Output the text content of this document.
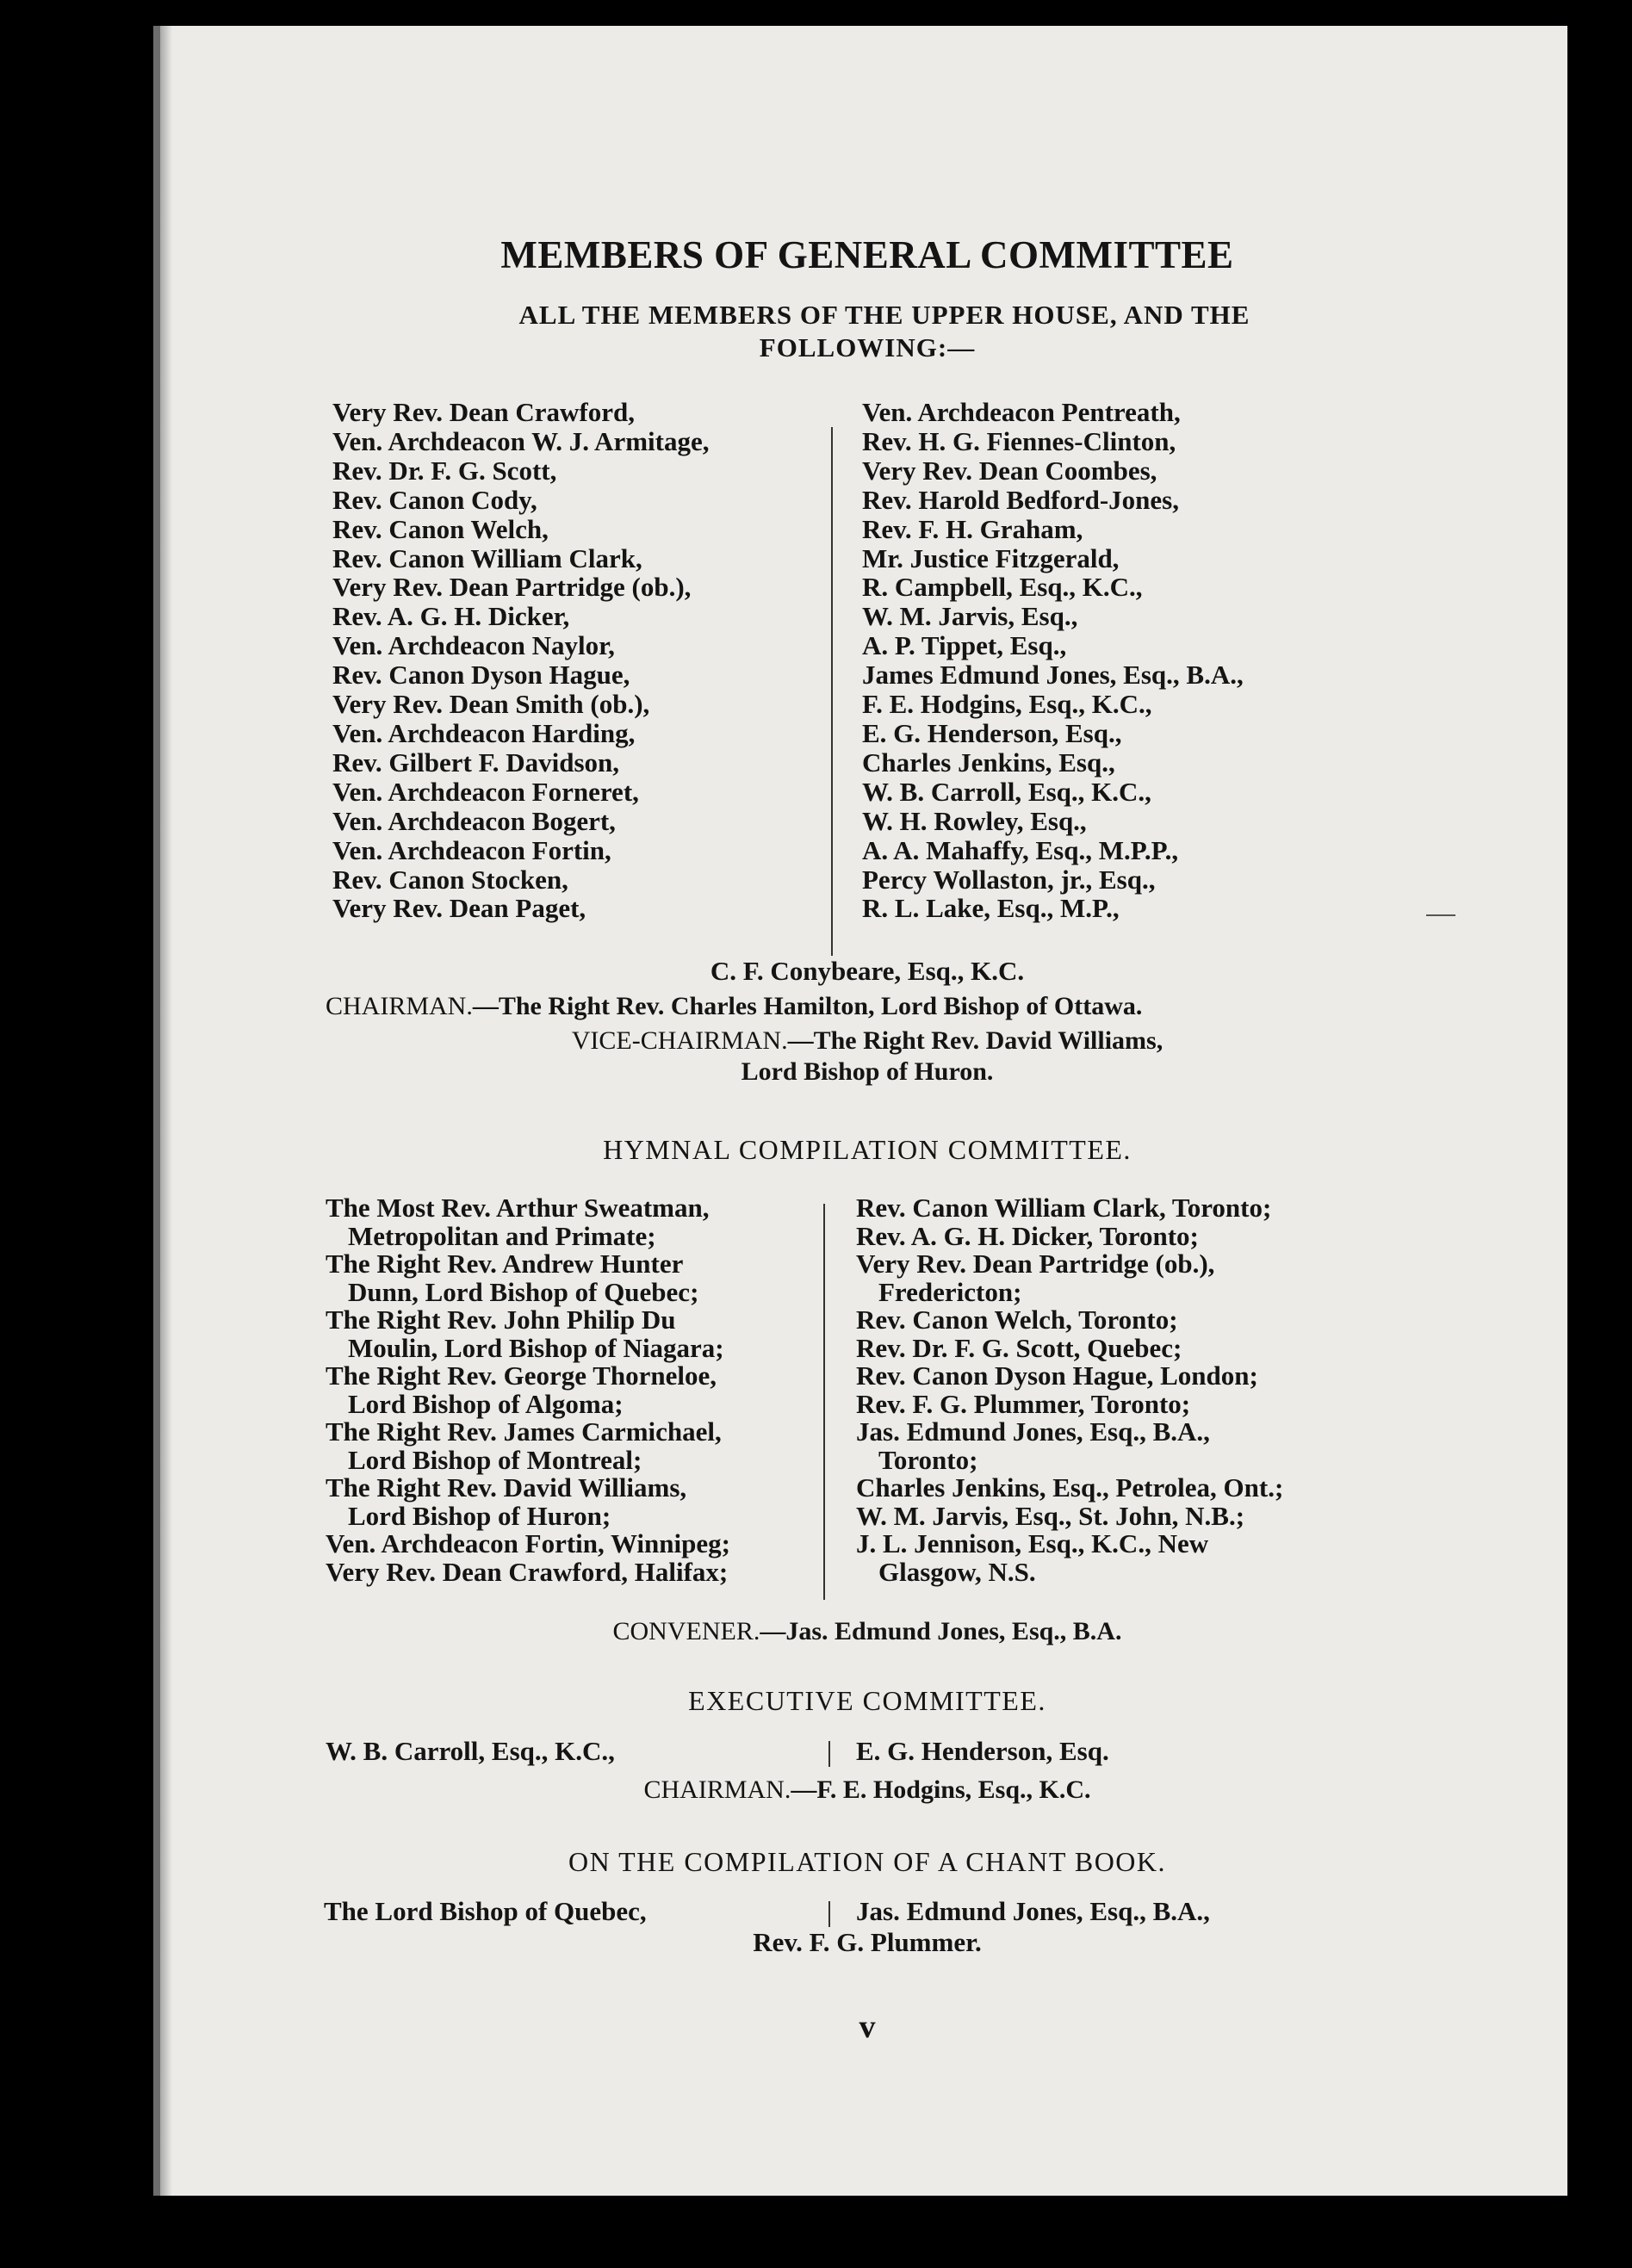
MEMBERS OF GENERAL COMMITTEE
ALL THE MEMBERS OF THE UPPER HOUSE, AND THE
FOLLOWING:—
Very Rev. Dean Crawford,
Ven. Archdeacon W. J. Armitage,
Rev. Dr. F. G. Scott,
Rev. Canon Cody,
Rev. Canon Welch,
Rev. Canon William Clark,
Very Rev. Dean Partridge (ob.),
Rev. A. G. H. Dicker,
Ven. Archdeacon Naylor,
Rev. Canon Dyson Hague,
Very Rev. Dean Smith (ob.),
Ven. Archdeacon Harding,
Rev. Gilbert F. Davidson,
Ven. Archdeacon Forneret,
Ven. Archdeacon Bogert,
Ven. Archdeacon Fortin,
Rev. Canon Stocken,
Very Rev. Dean Paget,
Ven. Archdeacon Pentreath,
Rev. H. G. Fiennes-Clinton,
Very Rev. Dean Coombes,
Rev. Harold Bedford-Jones,
Rev. F. H. Graham,
Mr. Justice Fitzgerald,
R. Campbell, Esq., K.C.,
W. M. Jarvis, Esq.,
A. P. Tippet, Esq.,
James Edmund Jones, Esq., B.A.,
F. E. Hodgins, Esq., K.C.,
E. G. Henderson, Esq.,
Charles Jenkins, Esq.,
W. B. Carroll, Esq., K.C.,
W. H. Rowley, Esq.,
A. A. Mahaffy, Esq., M.P.P.,
Percy Wollaston, jr., Esq.,
R. L. Lake, Esq., M.P.,
C. F. Conybeare, Esq., K.C.
CHAIRMAN.—The Right Rev. Charles Hamilton, Lord Bishop of Ottawa.
VICE-CHAIRMAN.—The Right Rev. David Williams,
Lord Bishop of Huron.
HYMNAL COMPILATION COMMITTEE.
The Most Rev. Arthur Sweatman,
Metropolitan and Primate;
The Right Rev. Andrew Hunter
Dunn, Lord Bishop of Quebec;
The Right Rev. John Philip Du
Moulin, Lord Bishop of Niagara;
The Right Rev. George Thorneloe,
Lord Bishop of Algoma;
The Right Rev. James Carmichael,
Lord Bishop of Montreal;
The Right Rev. David Williams,
Lord Bishop of Huron;
Ven. Archdeacon Fortin, Winnipeg;
Very Rev. Dean Crawford, Halifax;
Rev. Canon William Clark, Toronto;
Rev. A. G. H. Dicker, Toronto;
Very Rev. Dean Partridge (ob.),
Fredericton;
Rev. Canon Welch, Toronto;
Rev. Dr. F. G. Scott, Quebec;
Rev. Canon Dyson Hague, London;
Rev. F. G. Plummer, Toronto;
Jas. Edmund Jones, Esq., B.A.,
Toronto;
Charles Jenkins, Esq., Petrolea, Ont.;
W. M. Jarvis, Esq., St. John, N.B.;
J. L. Jennison, Esq., K.C., New
Glasgow, N.S.
CONVENER.—Jas. Edmund Jones, Esq., B.A.
EXECUTIVE COMMITTEE.
W. B. Carroll, Esq., K.C.,	E. G. Henderson, Esq.
CHAIRMAN.—F. E. Hodgins, Esq., K.C.
ON THE COMPILATION OF A CHANT BOOK.
The Lord Bishop of Quebec,	Jas. Edmund Jones, Esq., B.A.,
Rev. F. G. Plummer.
v
